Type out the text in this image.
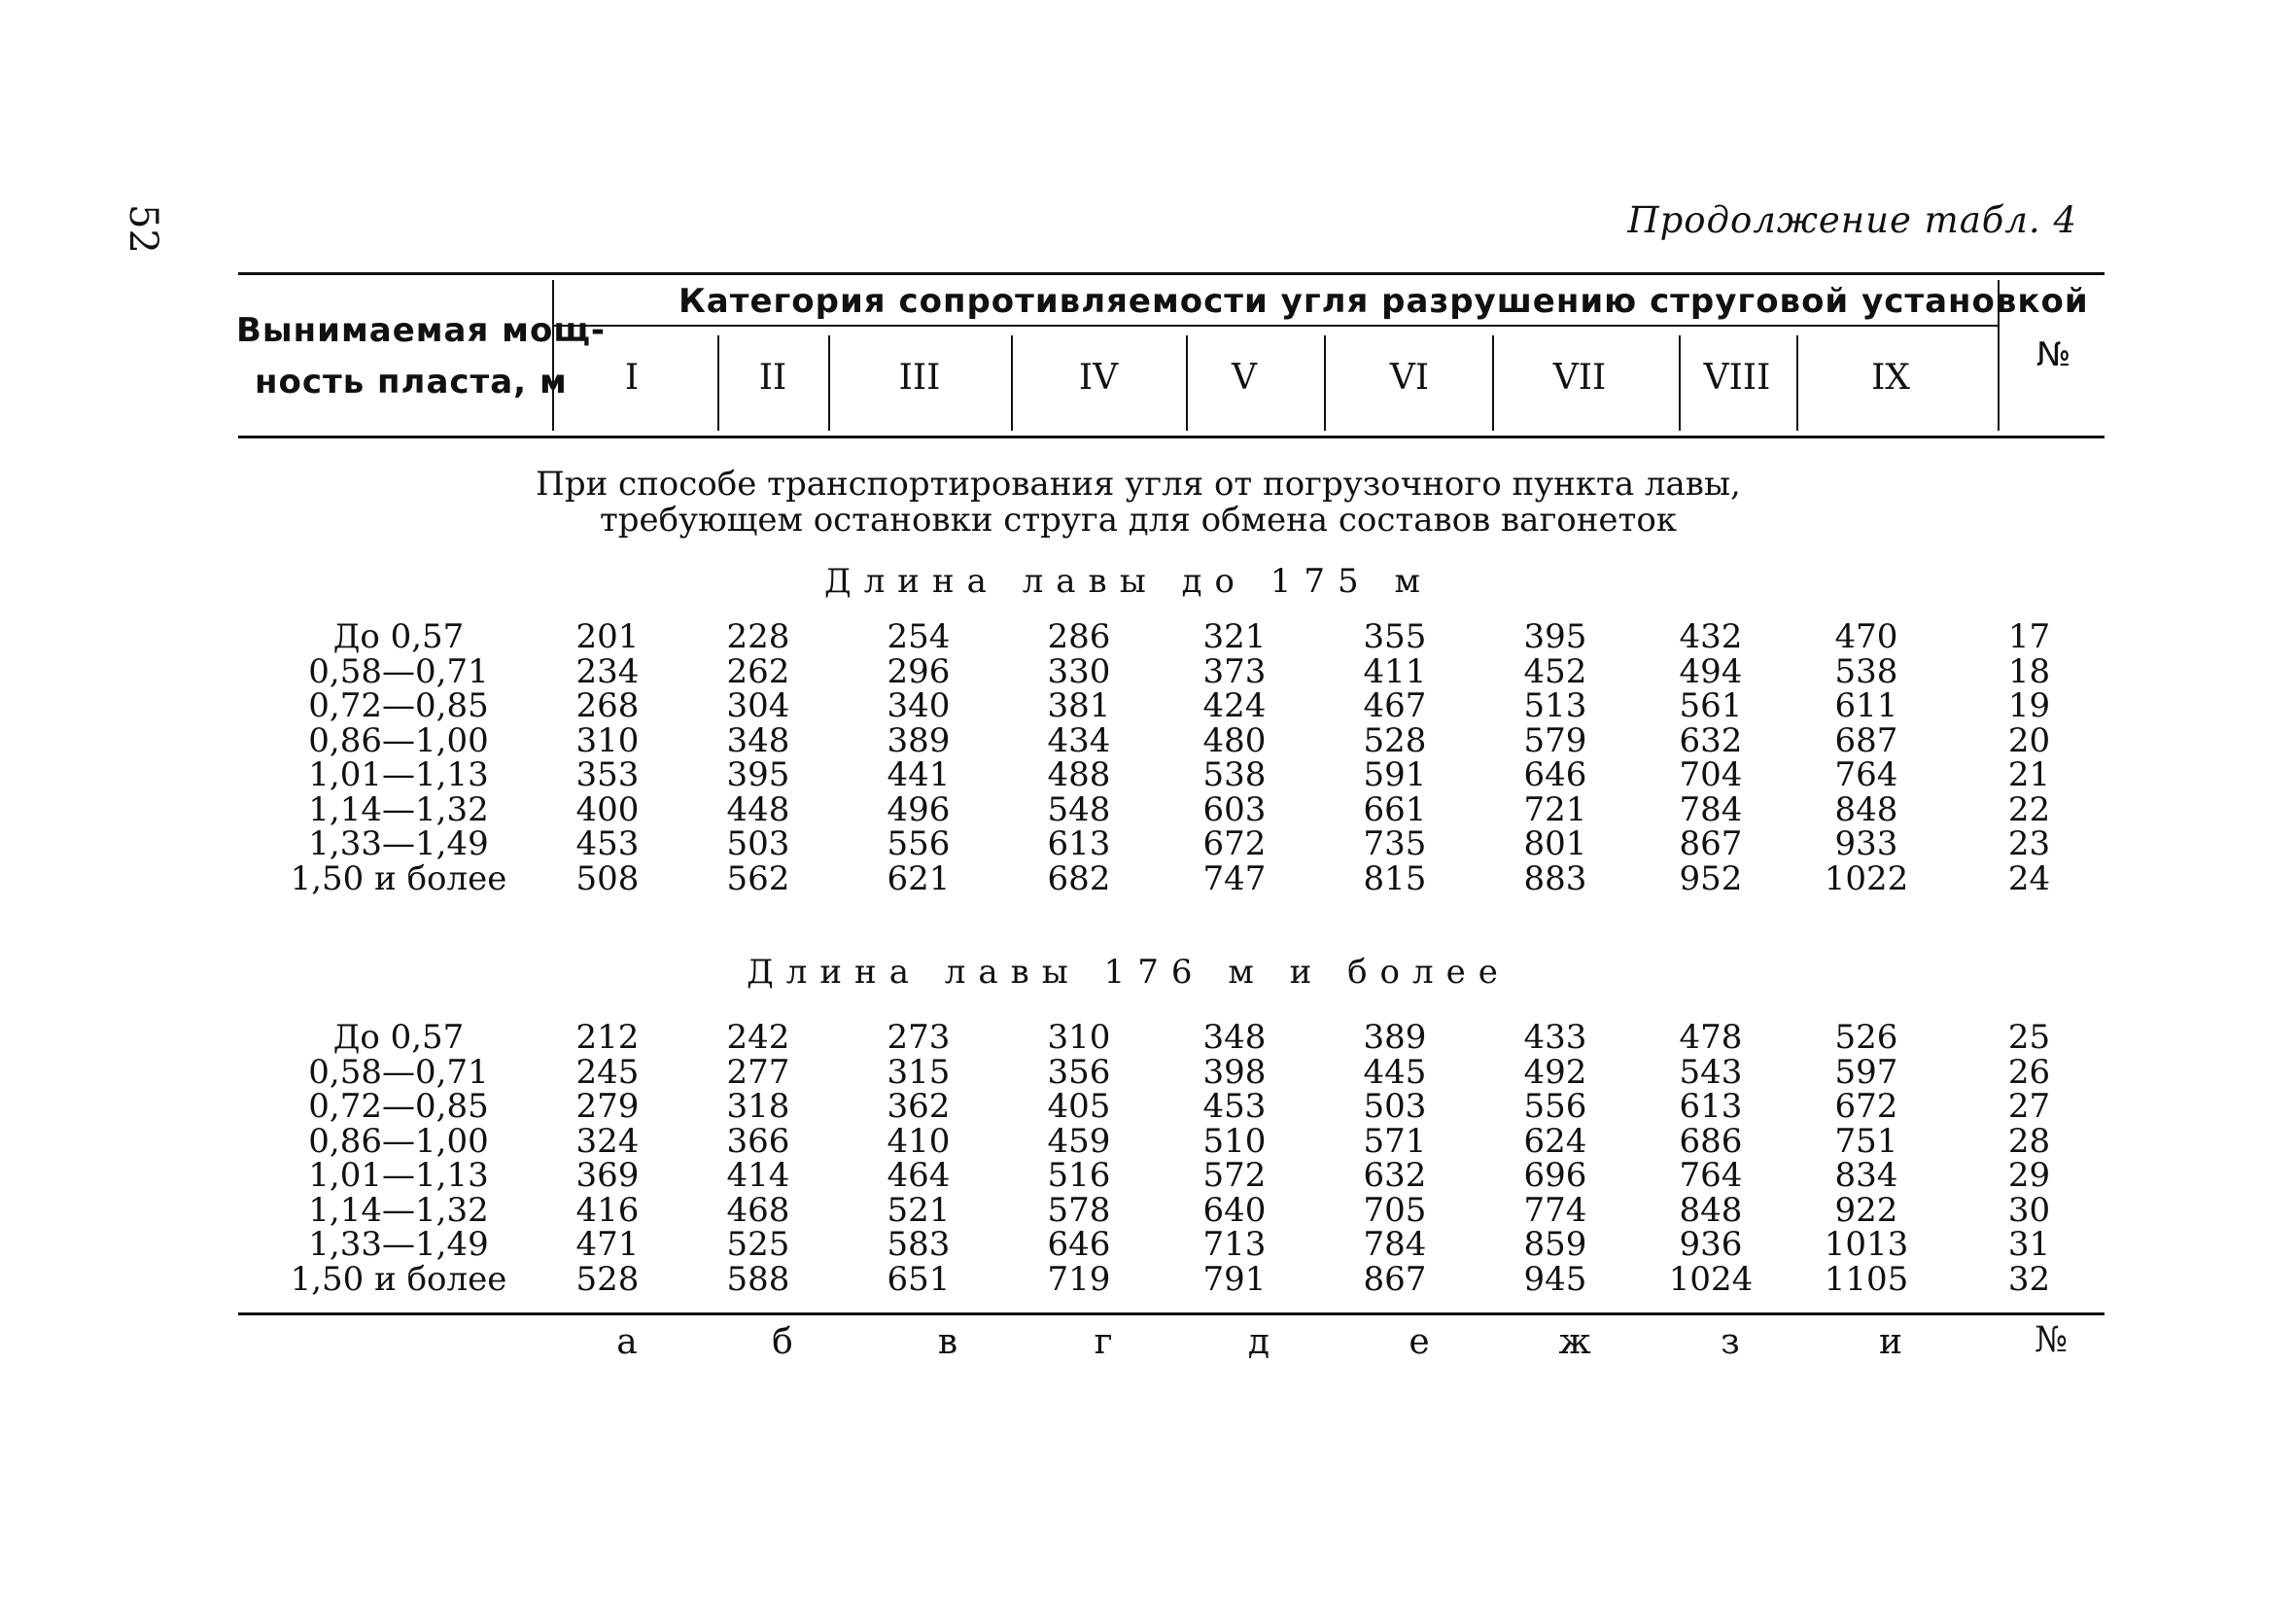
52	Продолжение табл. 4
Вынимаемая мощ-
ность пласта, м
Категория сопротивляемости угля разрушению струговой установкой
№
I	II	III	IV	V	VI	VII	VIII	IX
При способе транспортирования угля от погрузочного пункта лавы,
требующем остановки струга для обмена составов вагонеток
Длина лавы до 175 м
До 0,57	201	228	254	286	321	355	395	432	470	17
0,58—0,71	234	262	296	330	373	411	452	494	538	18
0,72—0,85	268	304	340	381	424	467	513	561	611	19
0,86—1,00	310	348	389	434	480	528	579	632	687	20
1,01—1,13	353	395	441	488	538	591	646	704	764	21
1,14—1,32	400	448	496	548	603	661	721	784	848	22
1,33—1,49	453	503	556	613	672	735	801	867	933	23
1,50 и более	508	562	621	682	747	815	883	952	1022	24
Длина лавы 176 м и более
До 0,57	212	242	273	310	348	389	433	478	526	25
0,58—0,71	245	277	315	356	398	445	492	543	597	26
0,72—0,85	279	318	362	405	453	503	556	613	672	27
0,86—1,00	324	366	410	459	510	571	624	686	751	28
1,01—1,13	369	414	464	516	572	632	696	764	834	29
1,14—1,32	416	468	521	578	640	705	774	848	922	30
1,33—1,49	471	525	583	646	713	784	859	936	1013	31
1,50 и более	528	588	651	719	791	867	945	1024	1105	32
а	б	в	г	д	е	ж	з	и	№
